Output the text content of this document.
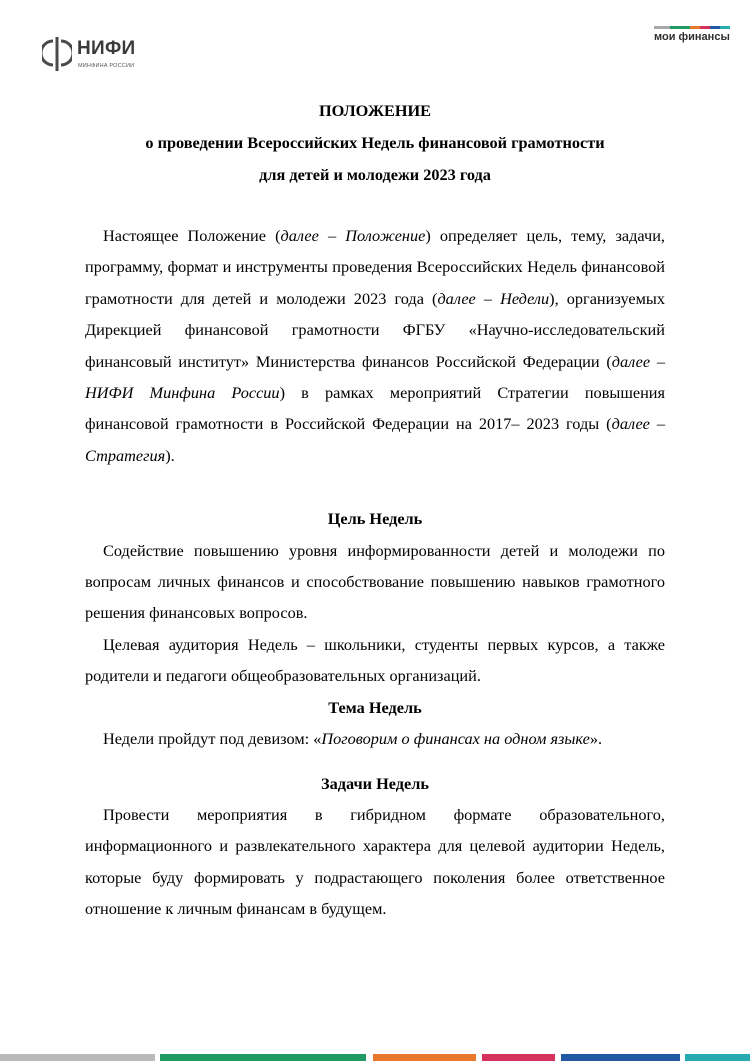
НИФИ
МИНФИНА РОССИИ
мои финансы
ПОЛОЖЕНИЕ
о проведении Всероссийских Недель финансовой грамотности
для детей и молодежи 2023 года

Настоящее Положение (далее – Положение) определяет цель, тему, задачи, программу, формат и инструменты проведения Всероссийских Недель финансовой грамотности для детей и молодежи 2023 года (далее – Недели), организуемых Дирекцией финансовой грамотности ФГБУ «Научно-исследовательский финансовый институт» Министерства финансов Российской Федерации (далее – НИФИ Минфина России) в рамках мероприятий Стратегии повышения финансовой грамотности в Российской Федерации на 2017– 2023 годы (далее – Стратегия).

Цель Недель

Содействие повышению уровня информированности детей и молодежи по вопросам личных финансов и способствование повышению навыков грамотного решения финансовых вопросов.

Целевая аудитория Недель – школьники, студенты первых курсов, а также родители и педагоги общеобразовательных организаций.

Тема Недель

Недели пройдут под девизом: «Поговорим о финансах на одном языке».

Задачи Недель

Провести мероприятия в гибридном формате образовательного, информационного и развлекательного характера для целевой аудитории Недель, которые буду формировать у подрастающего поколения более ответственное отношение к личным финансам в будущем.
